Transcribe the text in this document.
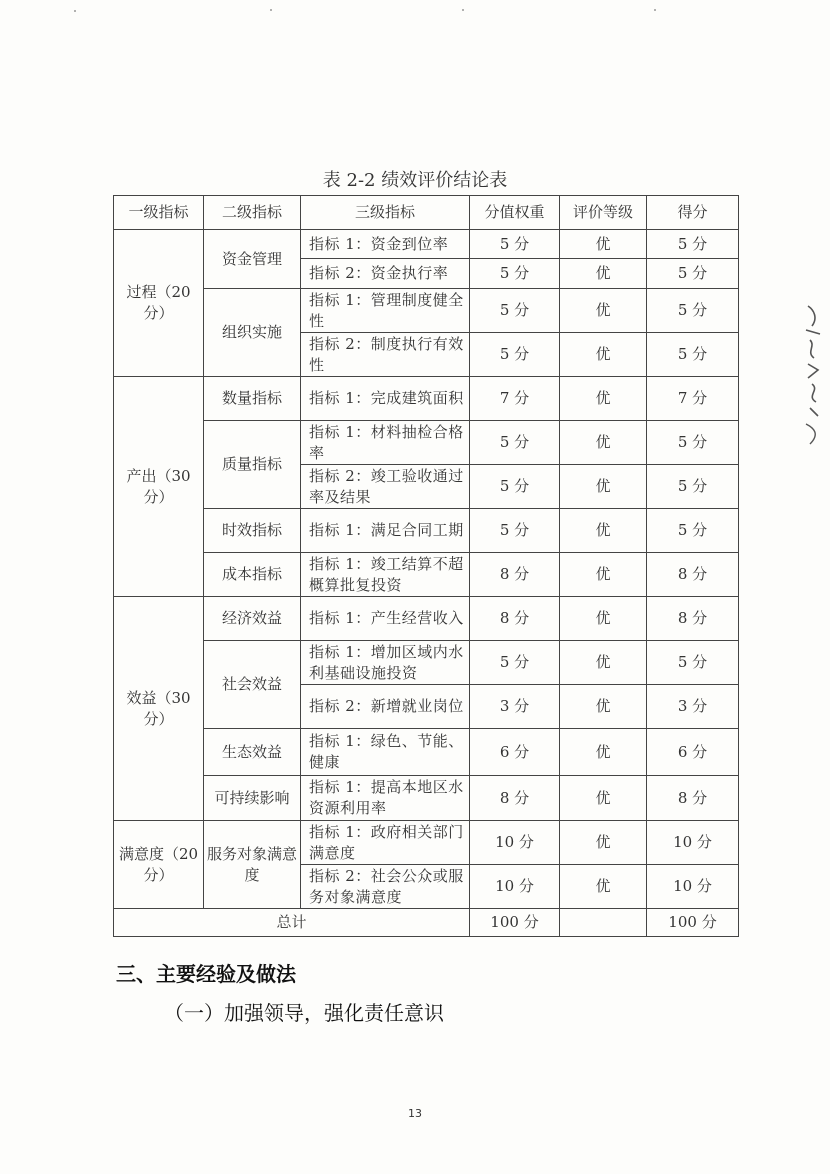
表 2-2 绩效评价结论表
一级指标	二级指标	三级指标	分值权重	评价等级	得分
过程（20分）	资金管理	指标 1：资金到位率	5 分	优	5 分
		指标 2：资金执行率	5 分	优	5 分
	组织实施	指标 1：管理制度健全性	5 分	优	5 分
		指标 2：制度执行有效性	5 分	优	5 分
产出（30分）	数量指标	指标 1：完成建筑面积	7 分	优	7 分
	质量指标	指标 1：材料抽检合格率	5 分	优	5 分
		指标 2：竣工验收通过率及结果	5 分	优	5 分
	时效指标	指标 1：满足合同工期	5 分	优	5 分
	成本指标	指标 1：竣工结算不超概算批复投资	8 分	优	8 分
效益（30分）	经济效益	指标 1：产生经营收入	8 分	优	8 分
	社会效益	指标 1：增加区域内水利基础设施投资	5 分	优	5 分
		指标 2：新增就业岗位	3 分	优	3 分
	生态效益	指标 1：绿色、节能、健康	6 分	优	6 分
	可持续影响	指标 1：提高本地区水资源利用率	8 分	优	8 分
满意度（20分）	服务对象满意度	指标 1：政府相关部门满意度	10 分	优	10 分
		指标 2：社会公众或服务对象满意度	10 分	优	10 分
总计			100 分		100 分
三、主要经验及做法
（一）加强领导，强化责任意识
13
